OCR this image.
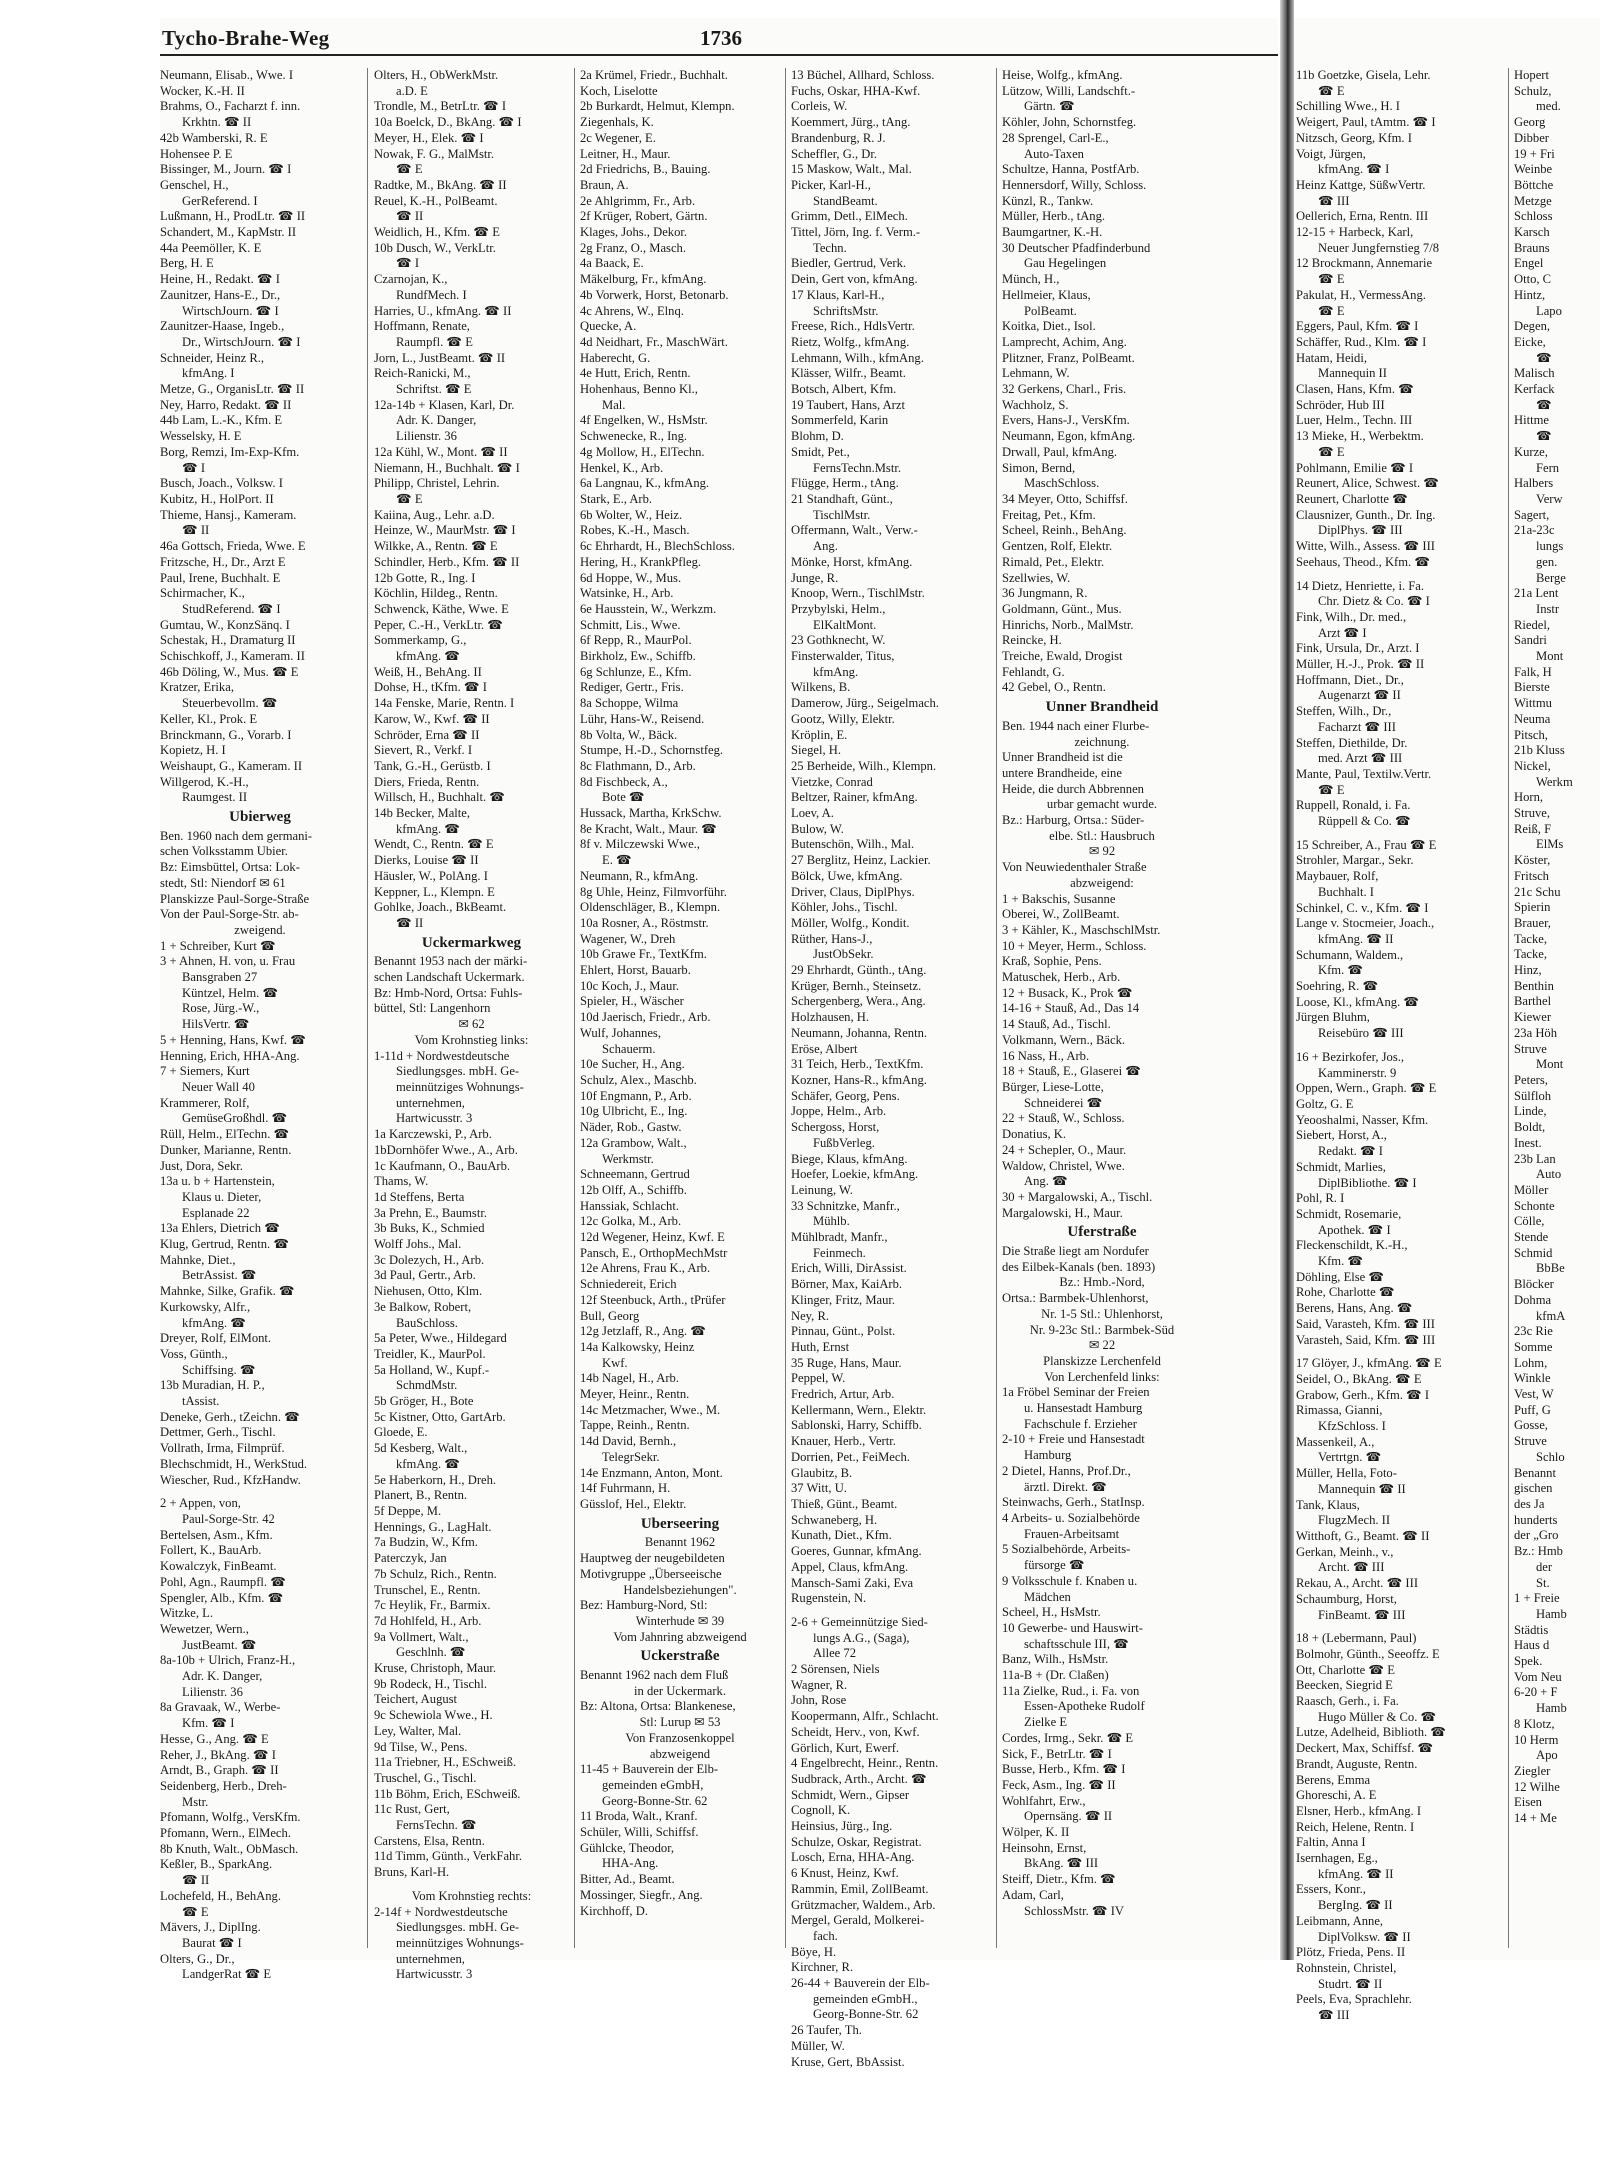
Tycho-Brahe-Weg	1736
Neumann, Elisab., Wwe. I
Wocker, K.-H. II
Brahms, O., Facharzt f. inn.
Krkhtn. ☎ II
42b Wamberski, R. E
Hohensee P. E
Bissinger, M., Journ. ☎ I
Genschel, H.,
GerReferend. I
Lußmann, H., ProdLtr. ☎ II
Schandert, M., KapMstr. II
44a Peemöller, K. E
Berg, H. E
Heine, H., Redakt. ☎ I
Zaunitzer, Hans-E., Dr.,
WirtschJourn. ☎ I
Zaunitzer-Haase, Ingeb.,
Dr., WirtschJourn. ☎ I
Schneider, Heinz R.,
kfmAng. I
Metze, G., OrganisLtr. ☎ II
Ney, Harro, Redakt. ☎ II
44b Lam, L.-K., Kfm. E
Wesselsky, H. E
Borg, Remzi, Im-Exp-Kfm.
☎ I
Busch, Joach., Volksw. I
Kubitz, H., HolPort. II
Thieme, Hansj., Kameram.
☎ II
46a Gottsch, Frieda, Wwe. E
Fritzsche, H., Dr., Arzt E
Paul, Irene, Buchhalt. E
Schirmacher, K.,
StudReferend. ☎ I
Gumtau, W., KonzSänq. I
Schestak, H., Dramaturg II
Schischkoff, J., Kameram. II
46b Döling, W., Mus. ☎ E
Kratzer, Erika,
Steuerbevollm. ☎
Keller, Kl., Prok. E
Brinckmann, G., Vorarb. I
Kopietz, H. I
Weishaupt, G., Kameram. II
Willgerod, K.-H.,
Raumgest. II
Ubierweg
Ben. 1960 nach dem germani-
schen Volksstamm Ubier.
Bz: Eimsbüttel, Ortsa: Lok-
stedt, Stl: Niendorf ✉ 61
Planskizze Paul-Sorge-Straße
Von der Paul-Sorge-Str. ab-
zweigend.
1 + Schreiber, Kurt ☎
3 + Ahnen, H. von, u. Frau
Bansgraben 27
Küntzel, Helm. ☎
Rose, Jürg.-W.,
HilsVertr. ☎
5 + Henning, Hans, Kwf. ☎
Henning, Erich, HHA-Ang.
7 + Siemers, Kurt
Neuer Wall 40
Krammerer, Rolf,
GemüseGroßhdl. ☎
Rüll, Helm., ElTechn. ☎
Dunker, Marianne, Rentn.
Just, Dora, Sekr.
13a u. b + Hartenstein,
Klaus u. Dieter,
Esplanade 22
13a Ehlers, Dietrich ☎
Klug, Gertrud, Rentn. ☎
Mahnke, Diet.,
BetrAssist. ☎
Mahnke, Silke, Grafik. ☎
Kurkowsky, Alfr.,
kfmAng. ☎
Dreyer, Rolf, ElMont.
Voss, Günth.,
Schiffsing. ☎
13b Muradian, H. P.,
tAssist.
Deneke, Gerh., tZeichn. ☎
Dettmer, Gerh., Tischl.
Vollrath, Irma, Filmprüf.
Blechschmidt, H., WerkStud.
Wiescher, Rud., KfzHandw.
2 + Appen, von,
Paul-Sorge-Str. 42
Bertelsen, Asm., Kfm.
Follert, K., BauArb.
Kowalczyk, FinBeamt.
Pohl, Agn., Raumpfl. ☎
Spengler, Alb., Kfm. ☎
Witzke, L.
Wewetzer, Wern.,
JustBeamt. ☎
8a-10b + Ulrich, Franz-H.,
Adr. K. Danger,
Lilienstr. 36
8a Gravaak, W., Werbe-
Kfm. ☎ I
Hesse, G., Ang. ☎ E
Reher, J., BkAng. ☎ I
Arndt, B., Graph. ☎ II
Seidenberg, Herb., Dreh-
Mstr.
Pfomann, Wolfg., VersKfm.
Pfomann, Wern., ElMech.
8b Knuth, Walt., ObMasch.
Keßler, B., SparkAng.
☎ II
Lochefeld, H., BehAng.
☎ E
Mävers, J., DiplIng.
Baurat ☎ I
Olters, G., Dr.,
LandgerRat ☎ E
Olters, H., ObWerkMstr.
a.D. E
Trondle, M., BetrLtr. ☎ I
10a Boelck, D., BkAng. ☎ I
Meyer, H., Elek. ☎ I
Nowak, F. G., MalMstr.
☎ E
Radtke, M., BkAng. ☎ II
Reuel, K.-H., PolBeamt.
☎ II
Weidlich, H., Kfm. ☎ E
10b Dusch, W., VerkLtr.
☎ I
Czarnojan, K.,
RundfMech. I
Harries, U., kfmAng. ☎ II
Hoffmann, Renate,
Raumpfl. ☎ E
Jorn, L., JustBeamt. ☎ II
Reich-Ranicki, M.,
Schriftst. ☎ E
12a-14b + Klasen, Karl, Dr.
Adr. K. Danger,
Lilienstr. 36
12a Kühl, W., Mont. ☎ II
Niemann, H., Buchhalt. ☎ I
Philipp, Christel, Lehrin.
☎ E
Kaiina, Aug., Lehr. a.D.
Heinze, W., MaurMstr. ☎ I
Wilkke, A., Rentn. ☎ E
Schindler, Herb., Kfm. ☎ II
12b Gotte, R., Ing. I
Köchlin, Hildeg., Rentn.
Schwenck, Käthe, Wwe. E
Peper, C.-H., VerkLtr. ☎
Sommerkamp, G.,
kfmAng. ☎
Weiß, H., BehAng. II
Dohse, H., tKfm. ☎ I
14a Fenske, Marie, Rentn. I
Karow, W., Kwf. ☎ II
Schröder, Erna ☎ II
Sievert, R., Verkf. I
Tank, G.-H., Gerüstb. I
Diers, Frieda, Rentn.
Willsch, H., Buchhalt. ☎
14b Becker, Malte,
kfmAng. ☎
Wendt, C., Rentn. ☎ E
Dierks, Louise ☎ II
Häusler, W., PolAng. I
Keppner, L., Klempn. E
Gohlke, Joach., BkBeamt.
☎ II
Uckermarkweg
Benannt 1953 nach der märki-
schen Landschaft Uckermark.
Bz: Hmb-Nord, Ortsa: Fuhls-
büttel, Stl: Langenhorn
✉ 62
Vom Krohnstieg links:
1-11d + Nordwestdeutsche
Siedlungsges. mbH. Ge-
meinnütziges Wohnungs-
unternehmen,
Hartwicusstr. 3
1a Karczewski, P., Arb.
1bDornhöfer Wwe., A., Arb.
1c Kaufmann, O., BauArb.
Thams, W.
1d Steffens, Berta
3a Prehn, E., Baumstr.
3b Buks, K., Schmied
Wolff Johs., Mal.
3c Dolezych, H., Arb.
3d Paul, Gertr., Arb.
Niehusen, Otto, Klm.
3e Balkow, Robert,
BauSchloss.
5a Peter, Wwe., Hildegard
Treidler, K., MaurPol.
5a Holland, W., Kupf.-
SchmdMstr.
5b Gröger, H., Bote
5c Kistner, Otto, GartArb.
Gloede, E.
5d Kesberg, Walt.,
kfmAng. ☎
5e Haberkorn, H., Dreh.
Planert, B., Rentn.
5f Deppe, M.
Hennings, G., LagHalt.
7a Budzin, W., Kfm.
Paterczyk, Jan
7b Schulz, Rich., Rentn.
Trunschel, E., Rentn.
7c Heylik, Fr., Barmix.
7d Hohlfeld, H., Arb.
9a Vollmert, Walt.,
Geschlnh. ☎
Kruse, Christoph, Maur.
9b Rodeck, H., Tischl.
Teichert, August
9c Schewiola Wwe., H.
Ley, Walter, Mal.
9d Tilse, W., Pens.
11a Triebner, H., ESchweiß.
Truschel, G., Tischl.
11b Böhm, Erich, ESchweiß.
11c Rust, Gert,
FernsTechn. ☎
Carstens, Elsa, Rentn.
11d Timm, Günth., VerkFahr.
Bruns, Karl-H.
Vom Krohnstieg rechts:
2-14f + Nordwestdeutsche
Siedlungsges. mbH. Ge-
meinnütziges Wohnungs-
unternehmen,
Hartwicusstr. 3
2a Krümel, Friedr., Buchhalt.
Koch, Liselotte
2b Burkardt, Helmut, Klempn.
Ziegenhals, K.
2c Wegener, E.
Leitner, H., Maur.
2d Friedrichs, B., Bauing.
Braun, A.
2e Ahlgrimm, Fr., Arb.
2f Krüger, Robert, Gärtn.
Klages, Johs., Dekor.
2g Franz, O., Masch.
4a Baack, E.
Mäkelburg, Fr., kfmAng.
4b Vorwerk, Horst, Betonarb.
4c Ahrens, W., Elnq.
Quecke, A.
4d Neidhart, Fr., MaschWärt.
Haberecht, G.
4e Hutt, Erich, Rentn.
Hohenhaus, Benno Kl.,
Mal.
4f Engelken, W., HsMstr.
Schwenecke, R., Ing.
4g Mollow, H., ElTechn.
Henkel, K., Arb.
6a Langnau, K., kfmAng.
Stark, E., Arb.
6b Wolter, W., Heiz.
Robes, K.-H., Masch.
6c Ehrhardt, H., BlechSchloss.
Hering, H., KrankPfleg.
6d Hoppe, W., Mus.
Watsinke, H., Arb.
6e Hausstein, W., Werkzm.
Schmitt, Lis., Wwe.
6f Repp, R., MaurPol.
Birkholz, Ew., Schiffb.
6g Schlunze, E., Kfm.
Rediger, Gertr., Fris.
8a Schoppe, Wilma
Lühr, Hans-W., Reisend.
8b Volta, W., Bäck.
Stumpe, H.-D., Schornstfeg.
8c Flathmann, D., Arb.
8d Fischbeck, A.,
Bote ☎
Hussack, Martha, KrkSchw.
8e Kracht, Walt., Maur. ☎
8f v. Milczewski Wwe.,
E. ☎
Neumann, R., kfmAng.
8g Uhle, Heinz, Filmvorführ.
Oldenschläger, B., Klempn.
10a Rosner, A., Röstmstr.
Wagener, W., Dreh
10b Grawe Fr., TextKfm.
Ehlert, Horst, Bauarb.
10c Koch, J., Maur.
Spieler, H., Wäscher
10d Jaerisch, Friedr., Arb.
Wulf, Johannes,
Schauerm.
10e Sucher, H., Ang.
Schulz, Alex., Maschb.
10f Engmann, P., Arb.
10g Ulbricht, E., Ing.
Näder, Rob., Gastw.
12a Grambow, Walt.,
Werkmstr.
Schneemann, Gertrud
12b Olff, A., Schiffb.
Hanssiak, Schlacht.
12c Golka, M., Arb.
12d Wegener, Heinz, Kwf. E
Pansch, E., OrthopMechMstr
12e Ahrens, Frau K., Arb.
Schniedereit, Erich
12f Steenbuck, Arth., tPrüfer
Bull, Georg
12g Jetzlaff, R., Ang. ☎
14a Kalkowsky, Heinz
Kwf.
14b Nagel, H., Arb.
Meyer, Heinr., Rentn.
14c Metzmacher, Wwe., M.
Tappe, Reinh., Rentn.
14d David, Bernh.,
TelegrSekr.
14e Enzmann, Anton, Mont.
14f Fuhrmann, H.
Güsslof, Hel., Elektr.
Uberseering
Benannt 1962
Hauptweg der neugebildeten
Motivgruppe „Überseeische
Handelsbeziehungen".
Bez: Hamburg-Nord, Stl:
Winterhude ✉ 39
Vom Jahnring abzweigend
Uckerstraße
Benannt 1962 nach dem Fluß
in der Uckermark.
Bz: Altona, Ortsa: Blankenese,
Stl: Lurup ✉ 53
Von Franzosenkoppel
abzweigend
11-45 + Bauverein der Elb-
gemeinden eGmbH,
Georg-Bonne-Str. 62
11 Broda, Walt., Kranf.
Schüler, Willi, Schiffsf.
Gühlcke, Theodor,
HHA-Ang.
Bitter, Ad., Beamt.
Mossinger, Siegfr., Ang.
Kirchhoff, D.
13 Büchel, Allhard, Schloss.
Fuchs, Oskar, HHA-Kwf.
Corleis, W.
Koemmert, Jürg., tAng.
Brandenburg, R. J.
Scheffler, G., Dr.
15 Maskow, Walt., Mal.
Picker, Karl-H.,
StandBeamt.
Grimm, Detl., ElMech.
Tittel, Jörn, Ing. f. Verm.-
Techn.
Biedler, Gertrud, Verk.
Dein, Gert von, kfmAng.
17 Klaus, Karl-H.,
SchriftsMstr.
Freese, Rich., HdlsVertr.
Rietz, Wolfg., kfmAng.
Lehmann, Wilh., kfmAng.
Klässer, Wilfr., Beamt.
Botsch, Albert, Kfm.
19 Taubert, Hans, Arzt
Sommerfeld, Karin
Blohm, D.
Smidt, Pet.,
FernsTechn.Mstr.
Flügge, Herm., tAng.
21 Standhaft, Günt.,
TischlMstr.
Offermann, Walt., Verw.-
Ang.
Mönke, Horst, kfmAng.
Junge, R.
Knoop, Wern., TischlMstr.
Przybylski, Helm.,
ElKaltMont.
23 Gothknecht, W.
Finsterwalder, Titus,
kfmAng.
Wilkens, B.
Damerow, Jürg., Seigelmach.
Gootz, Willy, Elektr.
Kröplin, E.
Siegel, H.
25 Berheide, Wilh., Klempn.
Vietzke, Conrad
Beltzer, Rainer, kfmAng.
Loev, A.
Bulow, W.
Butenschön, Wilh., Mal.
27 Berglitz, Heinz, Lackier.
Bölck, Uwe, kfmAng.
Driver, Claus, DiplPhys.
Köhler, Johs., Tischl.
Möller, Wolfg., Kondit.
Rüther, Hans-J.,
JustObSekr.
29 Ehrhardt, Günth., tAng.
Krüger, Bernh., Steinsetz.
Schergenberg, Wera., Ang.
Holzhausen, H.
Neumann, Johanna, Rentn.
Eröse, Albert
31 Teich, Herb., TextKfm.
Kozner, Hans-R., kfmAng.
Schäfer, Georg, Pens.
Joppe, Helm., Arb.
Schergoss, Horst,
FußbVerleg.
Biege, Klaus, kfmAng.
Hoefer, Loekie, kfmAng.
Leinung, W.
33 Schnitzke, Manfr.,
Mühlb.
Mühlbradt, Manfr.,
Feinmech.
Erich, Willi, DirAssist.
Börner, Max, KaiArb.
Klinger, Fritz, Maur.
Ney, R.
Pinnau, Günt., Polst.
Huth, Ernst
35 Ruge, Hans, Maur.
Peppel, W.
Fredrich, Artur, Arb.
Kellermann, Wern., Elektr.
Sablonski, Harry, Schiffb.
Knauer, Herb., Vertr.
Dorrien, Pet., FeiMech.
Glaubitz, B.
37 Witt, U.
Thieß, Günt., Beamt.
Schwaneberg, H.
Kunath, Diet., Kfm.
Goeres, Gunnar, kfmAng.
Appel, Claus, kfmAng.
Mansch-Sami Zaki, Eva
Rugenstein, N.
2-6 + Gemeinnützige Sied-
lungs A.G., (Saga),
Allee 72
2 Sörensen, Niels
Wagner, R.
John, Rose
Koopermann, Alfr., Schlacht.
Scheidt, Herv., von, Kwf.
Görlich, Kurt, Ewerf.
4 Engelbrecht, Heinr., Rentn.
Sudbrack, Arth., Archt. ☎
Schmidt, Wern., Gipser
Cognoll, K.
Heinsius, Jürg., Ing.
Schulze, Oskar, Registrat.
Losch, Erna, HHA-Ang.
6 Knust, Heinz, Kwf.
Rammin, Emil, ZollBeamt.
Grützmacher, Waldem., Arb.
Mergel, Gerald, Molkerei-
fach.
Böye, H.
Kirchner, R.
26-44 + Bauverein der Elb-
gemeinden eGmbH.,
Georg-Bonne-Str. 62
26 Taufer, Th.
Müller, W.
Kruse, Gert, BbAssist.
Heise, Wolfg., kfmAng.
Lützow, Willi, Landschft.-
Gärtn. ☎
Köhler, John, Schornstfeg.
28 Sprengel, Carl-E.,
Auto-Taxen
Schultze, Hanna, PostfArb.
Hennersdorf, Willy, Schloss.
Künzl, R., Tankw.
Müller, Herb., tAng.
Baumgartner, K.-H.
30 Deutscher Pfadfinderbund
Gau Hegelingen
Münch, H.,
Hellmeier, Klaus,
PolBeamt.
Koitka, Diet., Isol.
Lamprecht, Achim, Ang.
Plitzner, Franz, PolBeamt.
Lehmann, W.
32 Gerkens, Charl., Fris.
Wachholz, S.
Evers, Hans-J., VersKfm.
Neumann, Egon, kfmAng.
Drwall, Paul, kfmAng.
Simon, Bernd,
MaschSchloss.
34 Meyer, Otto, Schiffsf.
Freitag, Pet., Kfm.
Scheel, Reinh., BehAng.
Gentzen, Rolf, Elektr.
Rimald, Pet., Elektr.
Szellwies, W.
36 Jungmann, R.
Goldmann, Günt., Mus.
Hinrichs, Norb., MalMstr.
Reincke, H.
Treiche, Ewald, Drogist
Fehlandt, G.
42 Gebel, O., Rentn.
Unner Brandheid
Ben. 1944 nach einer Flurbe-
zeichnung.
Unner Brandheid ist die
untere Brandheide, eine
Heide, die durch Abbrennen
urbar gemacht wurde.
Bz.: Harburg, Ortsa.: Süder-
elbe. Stl.: Hausbruch
✉ 92
Von Neuwiedenthaler Straße
abzweigend:
1 + Bakschis, Susanne
Oberei, W., ZollBeamt.
3 + Kähler, K., MaschschlMstr.
10 + Meyer, Herm., Schloss.
Kraß, Sophie, Pens.
Matuschek, Herb., Arb.
12 + Busack, K., Prok ☎
14-16 + Stauß, Ad., Das 14
14 Stauß, Ad., Tischl.
Volkmann, Wern., Bäck.
16 Nass, H., Arb.
18 + Stauß, E., Glaserei ☎
Bürger, Liese-Lotte,
Schneiderei ☎
22 + Stauß, W., Schloss.
Donatius, K.
24 + Schepler, O., Maur.
Waldow, Christel, Wwe.
Ang. ☎
30 + Margalowski, A., Tischl.
Margalowski, H., Maur.
Uferstraße
Die Straße liegt am Nordufer
des Eilbek-Kanals (ben. 1893)
Bz.: Hmb.-Nord,
Ortsa.: Barmbek-Uhlenhorst,
Nr. 1-5 Stl.: Uhlenhorst,
Nr. 9-23c Stl.: Barmbek-Süd
✉ 22
Planskizze Lerchenfeld
Von Lerchenfeld links:
1a Fröbel Seminar der Freien
u. Hansestadt Hamburg
Fachschule f. Erzieher
2-10 + Freie und Hansestadt
Hamburg
2 Dietel, Hanns, Prof.Dr.,
ärztl. Direkt. ☎
Steinwachs, Gerh., StatInsp.
4 Arbeits- u. Sozialbehörde
Frauen-Arbeitsamt
5 Sozialbehörde, Arbeits-
fürsorge ☎
9 Volksschule f. Knaben u.
Mädchen
Scheel, H., HsMstr.
10 Gewerbe- und Hauswirt-
schaftsschule III, ☎
Banz, Wilh., HsMstr.
11a-B + (Dr. Claßen)
11a Zielke, Rud., i. Fa. von
Essen-Apotheke Rudolf
Zielke E
Cordes, Irmg., Sekr. ☎ E
Sick, F., BetrLtr. ☎ I
Busse, Herb., Kfm. ☎ I
Feck, Asm., Ing. ☎ II
Wohlfahrt, Erw.,
Opernsäng. ☎ II
Wölper, K. II
Heinsohn, Ernst,
BkAng. ☎ III
Steiff, Dietr., Kfm. ☎
Adam, Carl,
SchlossMstr. ☎ IV
11b Goetzke, Gisela, Lehr.
☎ E
Schilling Wwe., H. I
Weigert, Paul, tAmtm. ☎ I
Nitzsch, Georg, Kfm. I
Voigt, Jürgen,
kfmAng. ☎ I
Heinz Kattge, SüßwVertr.
☎ III
Oellerich, Erna, Rentn. III
12-15 + Harbeck, Karl,
Neuer Jungfernstieg 7/8
12 Brockmann, Annemarie
☎ E
Pakulat, H., VermessAng.
☎ E
Eggers, Paul, Kfm. ☎ I
Schäffer, Rud., Klm. ☎ I
Hatam, Heidi,
Mannequin II
Clasen, Hans, Kfm. ☎
Schröder, Hub III
Luer, Helm., Techn. III
13 Mieke, H., Werbektm.
☎ E
Pohlmann, Emilie ☎ I
Reunert, Alice, Schwest. ☎
Reunert, Charlotte ☎
Clausnizer, Gunth., Dr. Ing.
DiplPhys. ☎ III
Witte, Wilh., Assess. ☎ III
Seehaus, Theod., Kfm. ☎
14 Dietz, Henriette, i. Fa.
Chr. Dietz & Co. ☎ I
Fink, Wilh., Dr. med.,
Arzt ☎ I
Fink, Ursula, Dr., Arzt. I
Müller, H.-J., Prok. ☎ II
Hoffmann, Diet., Dr.,
Augenarzt ☎ II
Steffen, Wilh., Dr.,
Facharzt ☎ III
Steffen, Diethilde, Dr.
med. Arzt ☎ III
Mante, Paul, Textilw.Vertr.
☎ E
Ruppell, Ronald, i. Fa.
Rüppell & Co. ☎
15 Schreiber, A., Frau ☎ E
Strohler, Margar., Sekr.
Maybauer, Rolf,
Buchhalt. I
Schinkel, C. v., Kfm. ☎ I
Lange v. Stocmeier, Joach.,
kfmAng. ☎ II
Schumann, Waldem.,
Kfm. ☎
Soehring, R. ☎
Loose, Kl., kfmAng. ☎
Jürgen Bluhm,
Reisebüro ☎ III
16 + Bezirkofer, Jos.,
Kamminerstr. 9
Oppen, Wern., Graph. ☎ E
Goltz, G. E
Yeooshalmi, Nasser, Kfm.
Siebert, Horst, A.,
Redakt. ☎ I
Schmidt, Marlies,
DiplBibliothe. ☎ I
Pohl, R. I
Schmidt, Rosemarie,
Apothek. ☎ I
Fleckenschildt, K.-H.,
Kfm. ☎
Döhling, Else ☎
Rohe, Charlotte ☎
Berens, Hans, Ang. ☎
Said, Varasteh, Kfm. ☎ III
Varasteh, Said, Kfm. ☎ III
17 Glöyer, J., kfmAng. ☎ E
Seidel, O., BkAng. ☎ E
Grabow, Gerh., Kfm. ☎ I
Rimassa, Gianni,
KfzSchloss. I
Massenkeil, A.,
Vertrtgn. ☎
Müller, Hella, Foto-
Mannequin ☎ II
Tank, Klaus,
FlugzMech. II
Witthoft, G., Beamt. ☎ II
Gerkan, Meinh., v.,
Archt. ☎ III
Rekau, A., Archt. ☎ III
Schaumburg, Horst,
FinBeamt. ☎ III
18 + (Lebermann, Paul)
Bolmohr, Günth., Seeoffz. E
Ott, Charlotte ☎ E
Beecken, Siegrid E
Raasch, Gerh., i. Fa.
Hugo Müller & Co. ☎
Lutze, Adelheid, Biblioth. ☎
Deckert, Max, Schiffsf. ☎
Brandt, Auguste, Rentn.
Berens, Emma
Ghoreschi, A. E
Elsner, Herb., kfmAng. I
Reich, Helene, Rentn. I
Faltin, Anna I
Isernhagen, Eg.,
kfmAng. ☎ II
Essers, Konr.,
BergIng. ☎ II
Leibmann, Anne,
DiplVolksw. ☎ II
Plötz, Frieda, Pens. II
Rohnstein, Christel,
Studrt. ☎ II
Peels, Eva, Sprachlehr.
☎ III
Hopert
Schulz,
med.
Georg
Dibber
19 + Fri
Weinbe
Böttche
Metzge
Schloss
Karsch
Brauns
Engel
Otto, C
Hintz,
Lapo
Degen,
Eicke,
☎
Malisch
Kerfack
☎
Hittme
☎
Kurze,
Fern
Halbers
Verw
Sagert,
21a-23c
lungs
gen.
Berge
21a Lent
Instr
Riedel,
Sandri
Mont
Falk, H
Bierste
Wittmu
Neuma
Pitsch,
21b Kluss
Nickel,
Werkm
Horn,
Struve,
Reiß, F
ElMs
Köster,
Fritsch
21c Schu
Spierin
Brauer,
Tacke,
Tacke,
Hinz,
Benthin
Barthel
Kiewer
23a Höh
Struve
Mont
Peters,
Sülfloh
Linde,
Boldt,
Inest.
23b Lan
Auto
Möller
Schonte
Cölle,
Stende
Schmid
BbBe
Blöcker
Dohma
kfmA
23c Rie
Somme
Lohm,
Winkle
Vest, W
Puff, G
Gosse,
Struve
Schlo
Benannt
gischen
des Ja
hunderts
der „Gro
Bz.: Hmb
der
St.
1 + Freie
Hamb
Städtis
Haus d
Spek.
Vom Neu
6-20 + F
Hamb
8 Klotz,
10 Herm
Apo
Ziegler
12 Wilhe
Eisen
14 + Me
